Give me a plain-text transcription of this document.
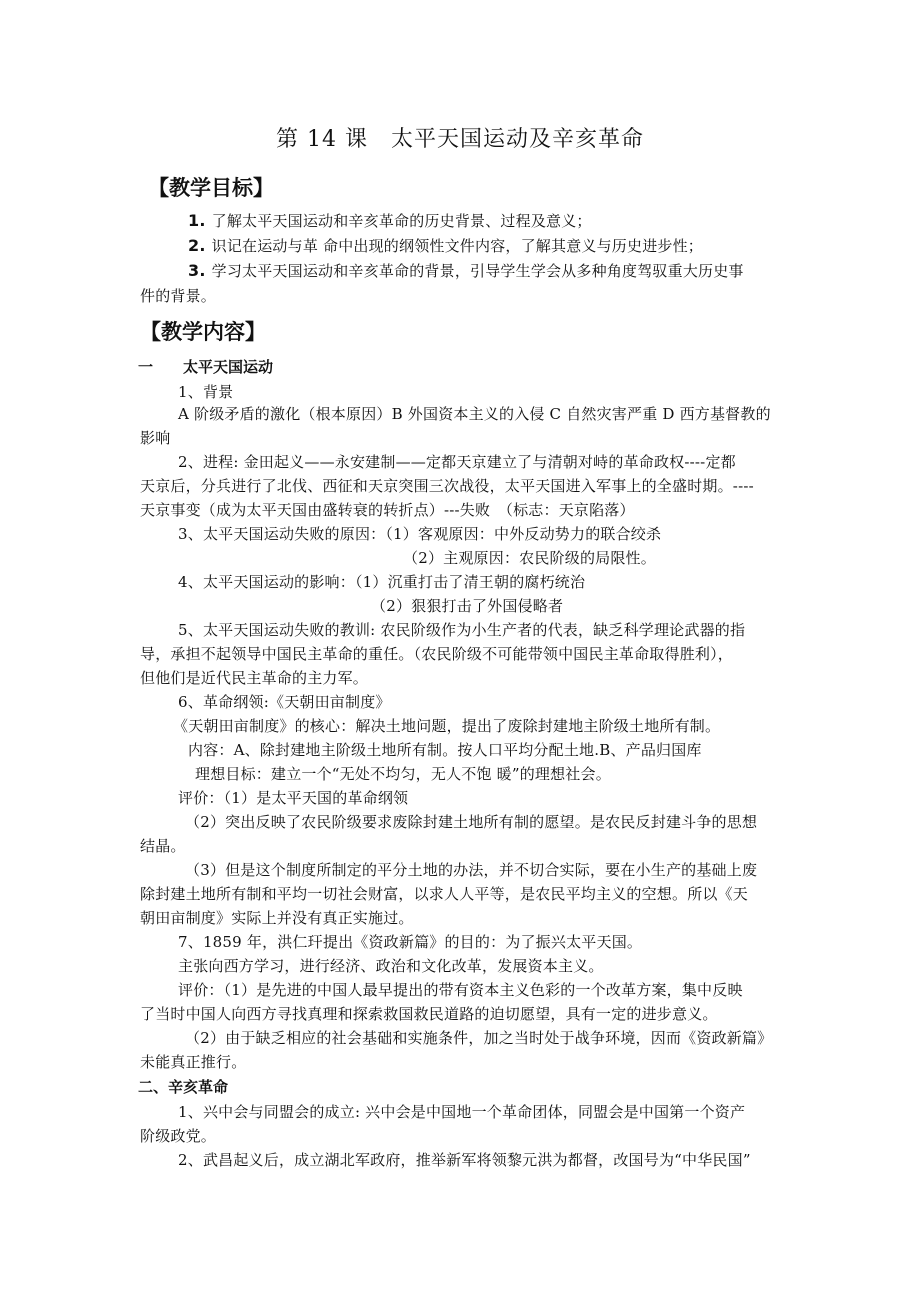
第 14 课　太平天国运动及辛亥革命
【教学目标】
1. 了解太平天国运动和辛亥革命的历史背景、过程及意义；
2. 识记在运动与革 命中出现的纲领性文件内容，了解其意义与历史进步性；
3. 学习太平天国运动和辛亥革命的背景，引导学生学会从多种角度驾驭重大历史事
件的背景。
【教学内容】
一　　太平天国运动
1、背景
A 阶级矛盾的激化（根本原因）B 外国资本主义的入侵 C 自然灾害严重 D 西方基督教的
影响
2、进程: 金田起义——永安建制——定都天京建立了与清朝对峙的革命政权----定都
天京后，分兵进行了北伐、西征和天京突围三次战役，太平天国进入军事上的全盛时期。----
天京事变（成为太平天国由盛转衰的转折点）---失败　（标志：天京陷落）
3、太平天国运动失败的原因：（1）客观原因：中外反动势力的联合绞杀
（2）主观原因：农民阶级的局限性。
4、太平天国运动的影响：（1）沉重打击了清王朝的腐朽统治
（2）狠狠打击了外国侵略者
5、太平天国运动失败的教训: 农民阶级作为小生产者的代表，缺乏科学理论武器的指
导，承担不起领导中国民主革命的重任。（农民阶级不可能带领中国民主革命取得胜利），
但他们是近代民主革命的主力军。
6、革命纲领:《天朝田亩制度》
《天朝田亩制度》的核心：解决土地问题，提出了废除封建地主阶级土地所有制。
内容：A、除封建地主阶级土地所有制。按人口平均分配土地.B、产品归国库
理想目标：建立一个“无处不均匀，无人不饱 暖”的理想社会。
评价：（1）是太平天国的革命纲领
（2）突出反映了农民阶级要求废除封建土地所有制的愿望。是农民反封建斗争的思想
结晶。
（3）但是这个制度所制定的平分土地的办法，并不切合实际，要在小生产的基础上废
除封建土地所有制和平均一切社会财富，以求人人平等，是农民平均主义的空想。所以《天
朝田亩制度》实际上并没有真正实施过。
7、1859 年，洪仁玕提出《资政新篇》的目的：为了振兴太平天国。
主张向西方学习，进行经济、政治和文化改革，发展资本主义。
评价：（1）是先进的中国人最早提出的带有资本主义色彩的一个改革方案，集中反映
了当时中国人向西方寻找真理和探索救国救民道路的迫切愿望，具有一定的进步意义。
（2）由于缺乏相应的社会基础和实施条件，加之当时处于战争环境，因而《资政新篇》
未能真正推行。
二、辛亥革命
1、兴中会与同盟会的成立: 兴中会是中国地一个革命团体，同盟会是中国第一个资产
阶级政党。
2、武昌起义后，成立湖北军政府，推举新军将领黎元洪为都督，改国号为“中华民国”
